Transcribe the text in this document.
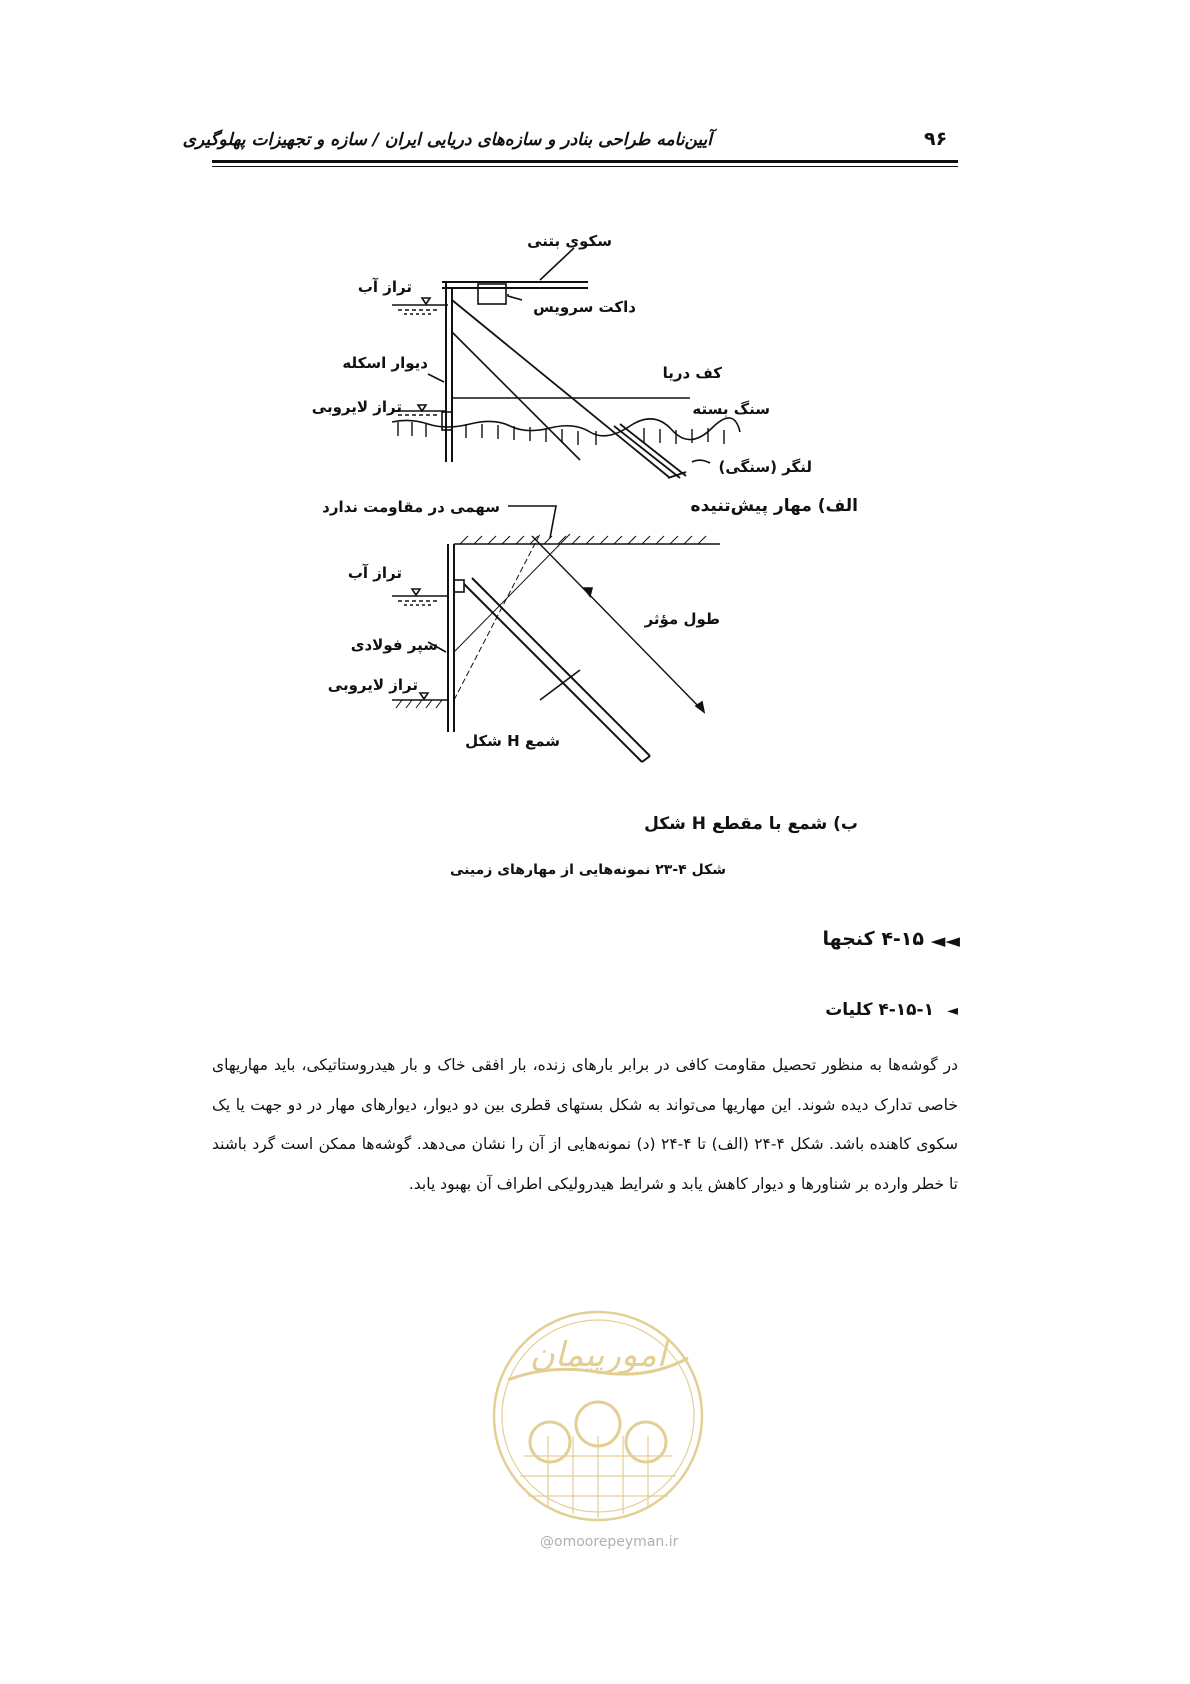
۹۶
آیین‌نامه طراحی بنادر و سازه‌های دریایی ایران / سازه و تجهیزات پهلوگیری
سکوی بتنی
تراز آب
داکت سرویس
دیوار اسکله
کف دریا
تراز لایروبی	سنگ بسته
لنگر (سنگی)
الف) مهار پیش‌تنیده
سهمی در مقاومت ندارد
تراز آب
طول مؤثر
سپر فولادی
تراز لایروبی
شمع H شکل
ب) شمع با مقطع H شکل
شکل ۴-۲۳ نمونه‌هایی از مهارهای زمینی
◄◄
۴-۱۵ کنجها
◄
۴-۱۵-۱ کلیات
در گوشه‌ها به منظور تحصیل مقاومت کافی در برابر بارهای زنده، بار افقی خاک و بار هیدروستاتیکی، باید مهاریهای خاصی تدارک دیده شوند. این مهاریها می‌تواند به شکل بستهای قطری بین دو دیوار، دیوارهای مهار در دو جهت یا یک سکوی کاهنده باشد. شکل ۴-۲۴ (الف) تا ۴-۲۴ (د) نمونه‌هایی از آن را نشان می‌دهد. گوشه‌ها ممکن است گرد باشند تا خطر وارده بر شناورها و دیوار کاهش یابد و شرایط هیدرولیکی اطراف آن بهبود یابد.
امورپیمان
@omoorepeyman.ir
